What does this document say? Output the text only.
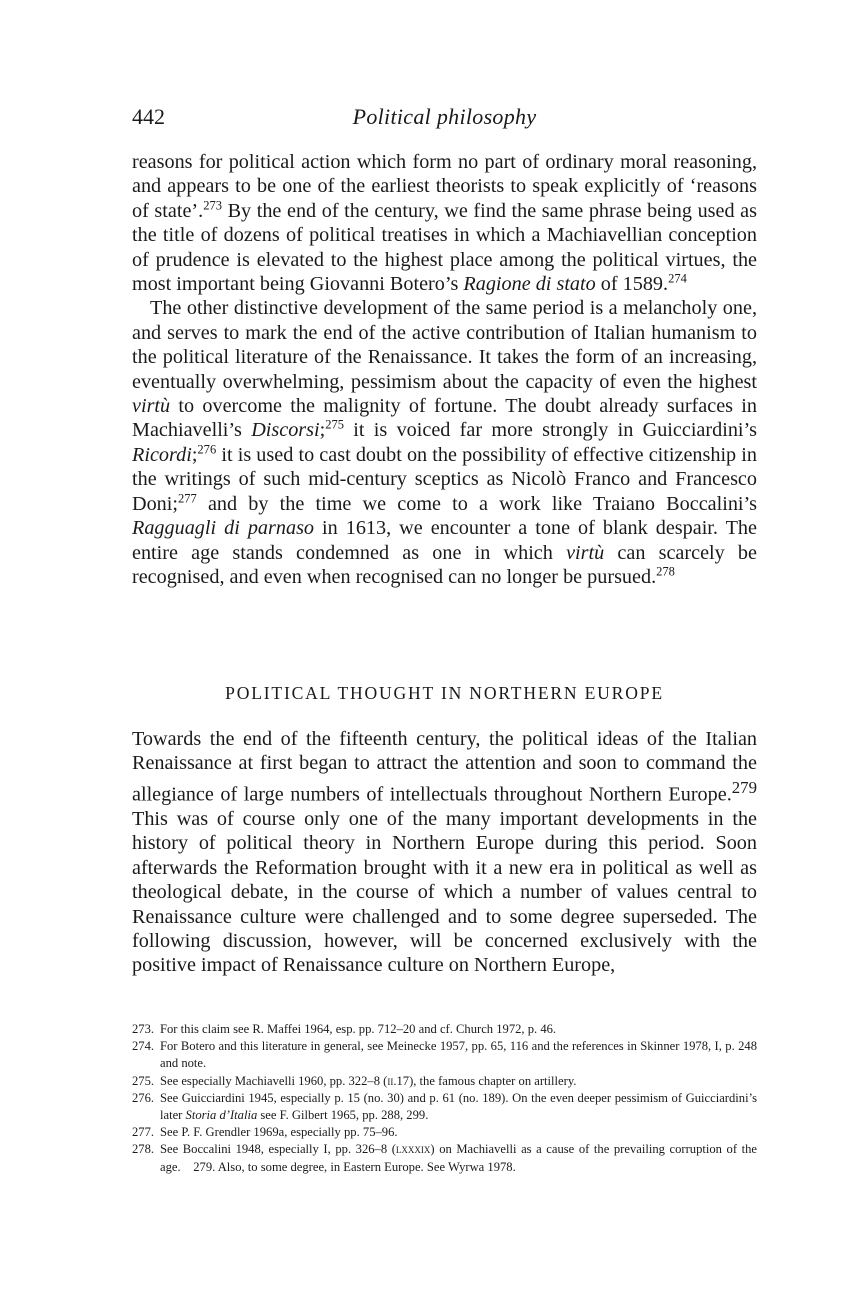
442	Political philosophy

reasons for political action which form no part of ordinary moral reasoning, and appears to be one of the earliest theorists to speak explicitly of ‘reasons of state’.$^{273}$ By the end of the century, we find the same phrase being used as the title of dozens of political treatises in which a Machiavellian conception of prudence is elevated to the highest place among the political virtues, the most important being Giovanni Botero’s Ragione di stato of 1589.$^{274}$

The other distinctive development of the same period is a melancholy one, and serves to mark the end of the active contribution of Italian humanism to the political literature of the Renaissance. It takes the form of an increasing, eventually overwhelming, pessimism about the capacity of even the highest virtù to overcome the malignity of fortune. The doubt already surfaces in Machiavelli’s Discorsi;$^{275}$ it is voiced far more strongly in Guicciardini’s Ricordi;$^{276}$ it is used to cast doubt on the possibility of effective citizenship in the writings of such mid-century sceptics as Nicolò Franco and Francesco Doni;$^{277}$ and by the time we come to a work like Traiano Boccalini’s Ragguagli di parnaso in 1613, we encounter a tone of blank despair. The entire age stands condemned as one in which virtù can scarcely be recognised, and even when recognised can no longer be pursued.$^{278}$

POLITICAL THOUGHT IN NORTHERN EUROPE

Towards the end of the fifteenth century, the political ideas of the Italian Renaissance at first began to attract the attention and soon to command the allegiance of large numbers of intellectuals throughout Northern Europe.$^{279}$ This was of course only one of the many important developments in the history of political theory in Northern Europe during this period. Soon afterwards the Reformation brought with it a new era in political as well as theological debate, in the course of which a number of values central to Renaissance culture were challenged and to some degree superseded. The following discussion, however, will be concerned exclusively with the positive impact of Renaissance culture on Northern Europe,

273. For this claim see R. Maffei 1964, esp. pp. 712–20 and cf. Church 1972, p. 46.
274. For Botero and this literature in general, see Meinecke 1957, pp. 65, 116 and the references in Skinner 1978, I, p. 248 and note.
275. See especially Machiavelli 1960, pp. 322–8 (ii.17), the famous chapter on artillery.
276. See Guicciardini 1945, especially p. 15 (no. 30) and p. 61 (no. 189). On the even deeper pessimism of Guicciardini’s later Storia d’Italia see F. Gilbert 1965, pp. 288, 299.
277. See P. F. Grendler 1969a, especially pp. 75–96.
278. See Boccalini 1948, especially I, pp. 326–8 (lxxxix) on Machiavelli as a cause of the prevailing corruption of the age. 279. Also, to some degree, in Eastern Europe. See Wyrwa 1978.
